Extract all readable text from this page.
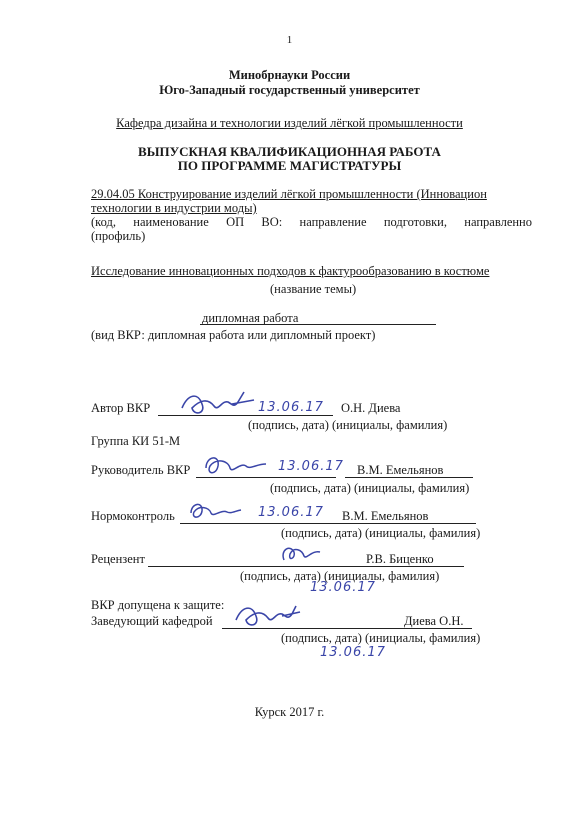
1
Минобрнауки России
Юго-Западный государственный университет
Кафедра дизайна и технологии изделий лёгкой промышленности
ВЫПУСКНАЯ КВАЛИФИКАЦИОННАЯ РАБОТА
ПО ПРОГРАММЕ МАГИСТРАТУРЫ
29.04.05 Конструирование изделий лёгкой промышленности (Инновацион
технологии в индустрии моды)
(код, наименование ОП ВО: направление подготовки, направленно
(профиль)
Исследование инновационных подходов к фактурообразованию в костюме
(название темы)
дипломная работа
(вид ВКР: дипломная работа или дипломный проект)
Автор ВКР	13.06.17 О.Н. Диева
(подпись, дата) (инициалы, фамилия)
Группа КИ 51-М
Руководитель ВКР	13.06.17 В.М. Емельянов
(подпись, дата) (инициалы, фамилия)
Нормоконтроль	13.06.17 В.М. Емельянов
(подпись, дата) (инициалы, фамилия)
Рецензент	Р.В. Биценко
(подпись, дата) (инициалы, фамилия)
13.06.17
ВКР допущена к защите:
Заведующий кафедрой	Диева О.Н.
(подпись, дата) (инициалы, фамилия)
13.06.17
Курск 2017 г.
